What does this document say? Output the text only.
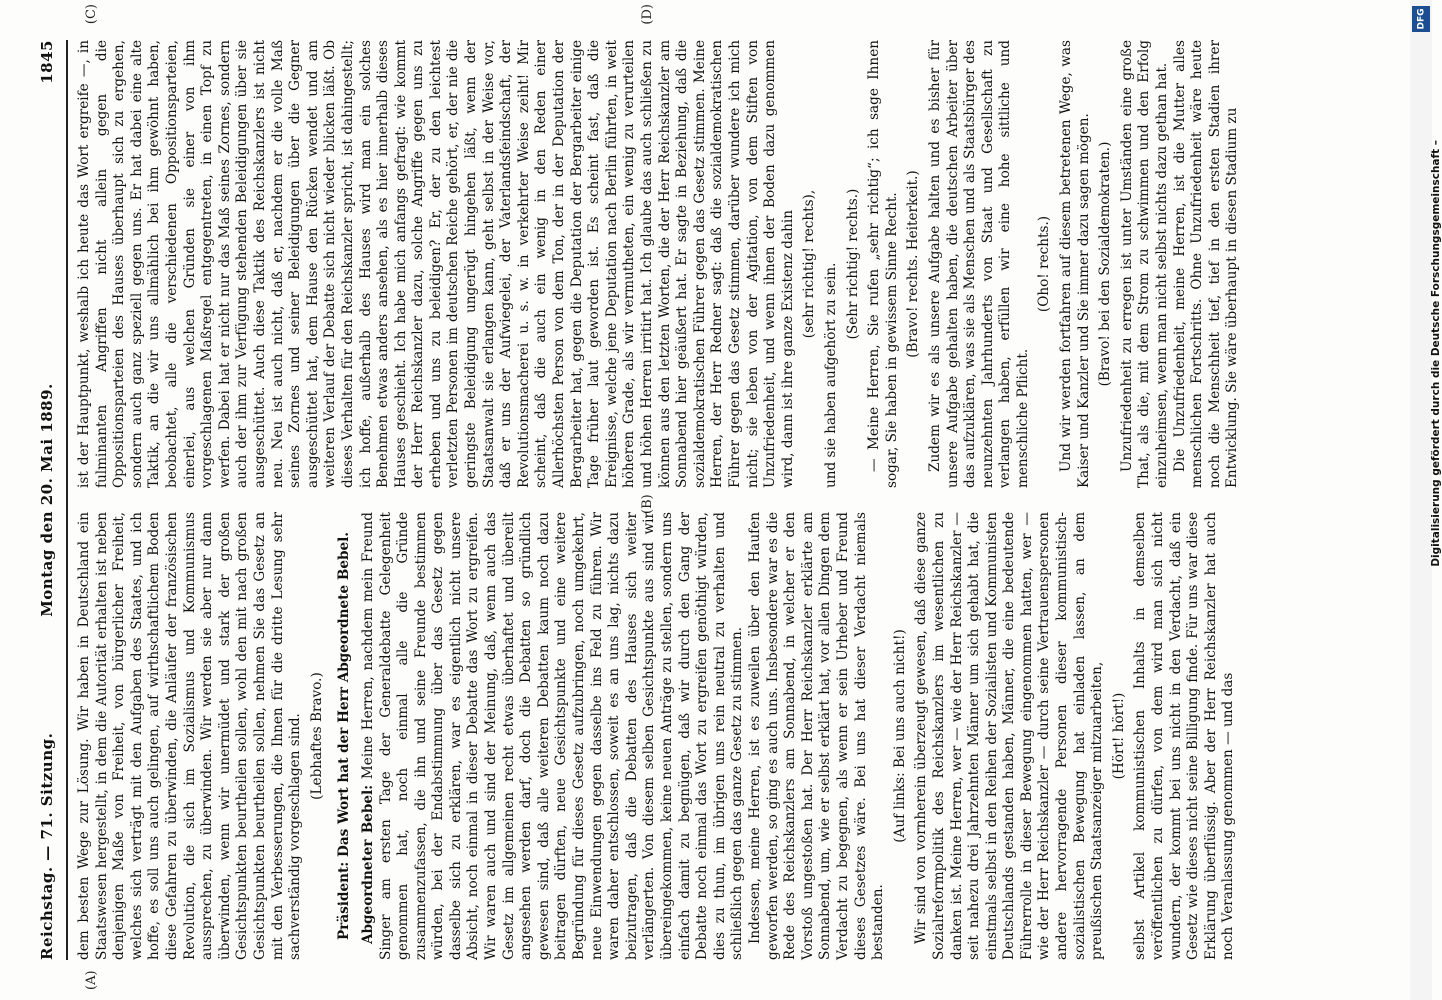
Reichstag. — 71. Sitzung.
Montag den 20. Mai 1889.
1845
(A)
(B)
(C)	(D)

dem besten Wege zur Lösung. Wir haben in Deutschland ein Staatswesen hergestellt, in dem die Autorität erhalten ist neben denjenigen Maße von Freiheit, von bürgerlicher Freiheit, welches sich verträgt mit den Aufgaben des Staates, und ich hoffe, es soll uns auch gelingen, auf wirthschaftlichem Boden diese Gefahren zu überwinden, die Anläufer der französischen Revolution, die sich im Sozialismus und Kommunismus aussprechen, zu überwinden. Wir werden sie aber nur dann überwinden, wenn wir unermüdet und stark der großen Gesichtspunkten beurtheilen sollen, wohl den mit nach großen Gesichtspunkten beurtheilen sollen, nehmen Sie das Gesetz an mit den Verbesserungen, die Ihnen für die dritte Lesung sehr sachverständig vorgeschlagen sind. (Lebhaftes Bravo.)

Präsident: Das Wort hat der Herr Abgeordnete Bebel.

Abgeordneter Bebel: Meine Herren, nachdem mein Freund Singer am ersten Tage der Generaldebatte Gelegenheit genommen hat, noch einmal alle die Gründe zusammenzufassen, die ihn und seine Freunde bestimmen würden, bei der Endabstimmung über das Gesetz gegen dasselbe sich zu erklären, war es eigentlich nicht unsere Absicht, noch einmal in dieser Debatte das Wort zu ergreifen. Wir waren auch und sind der Meinung, daß, wenn auch das Gesetz im allgemeinen recht etwas überhaftet und übereilt angesehen werden darf, doch die Debatten so gründlich gewesen sind, daß alle weiteren Debatten kaum noch dazu beitragen dürften, neue Gesichtspunkte und eine weitere Begründung für dieses Gesetz aufzubringen, noch umgekehrt, neue Einwendungen gegen dasselbe ins Feld zu führen. Wir waren daher entschlossen, soweit es an uns lag, nichts dazu beizutragen, daß die Debatten des Hauses sich weiter verlängerten. Von diesem selben Gesichtspunkte aus sind wir übereingekommen, keine neuen Anträge zu stellen, sondern uns einfach damit zu begnügen, daß wir durch den Gang der Debatte noch einmal das Wort zu ergreifen genöthigt würden, dies zu thun, im übrigen uns rein neutral zu verhalten und schließlich gegen das ganze Gesetz zu stimmen. Indessen, meine Herren, ist es zuweilen über den Haufen geworfen werden, so ging es auch uns. Insbesondere war es die Rede des Reichskanzlers am Sonnabend, in welcher er den Vorstoß ungestoßen hat. Der Herr Reichskanzler erklärte am Sonnabend, um, wie er selbst erklärt hat, vor allen Dingen dem Verdacht zu begegnen, als wenn er sein Urheber und Freund dieses Gesetzes wäre. Bei uns hat dieser Verdacht niemals bestanden.

(Auf links: Bei uns auch nicht!) Wir sind von vornherein überzeugt gewesen, daß diese ganze Sozialreformpolitik des Reichskanzlers im wesentlichen zu danken ist. Meine Herren, wer — wie der Herr Reichskanzler — seit nahezu drei Jahrzehnten Männer um sich gehabt hat, die einstmals selbst in den Reihen der Sozialisten und Kommunisten Deutschlands gestanden haben, Männer, die eine bedeutende Führerrolle in dieser Bewegung eingenommen hatten, wer — wie der Herr Reichskanzler — durch seine Vertrauenspersonen andere hervorragende Personen dieser kommunistisch-sozialistischen Bewegung hat einladen lassen, an dem preußischen Staatsanzeiger mitzuarbeiten, (Hört! hört!) selbst Artikel kommunistischen Inhalts in demselben veröffentlichen zu dürfen, von dem wird man sich nicht wundern, der kommt bei uns nicht in den Verdacht, daß ein Gesetz wie dieses nicht seine Billigung finde. Für uns war diese Erklärung überflüssig. Aber der Herr Reichskanzler hat auch noch Veranlassung genommen — und das

ist der Hauptpunkt, weshalb ich heute das Wort ergreife —, in fulminanten Angriffen nicht allein gegen die Oppositionsparteien des Hauses überhaupt sich zu ergehen, sondern auch ganz speziell gegen uns. Er hat dabei eine alte Taktik, an die wir uns allmählich bei ihm gewöhnt haben, beobachtet, alle die verschiedenen Oppositionsparteien, einerlei, aus welchen Gründen sie einer von ihm vorgeschlagenen Maßregel entgegentreten, in einen Topf zu werfen. Dabei hat er nicht nur das Maß seines Zornes, sondern auch der ihm zur Verfügung stehenden Beleidigungen über sie ausgeschüttet. Auch diese Taktik des Reichskanzlers ist nicht neu. Neu ist auch nicht, daß er, nachdem er die volle Maß seines Zornes und seiner Beleidigungen über die Gegner ausgeschüttet hat, dem Hause den Rücken wendet und am weiteren Verlauf der Debatte sich nicht wieder blicken läßt. Ob dieses Verhalten für den Reichskanzler spricht, ist dahingestellt; ich hoffe, außerhalb des Hauses wird man ein solches Benehmen etwas anders ansehen, als es hier innerhalb dieses Hauses geschieht. Ich habe mich anfangs gefragt: wie kommt der Herr Reichskanzler dazu, solche Angriffe gegen uns zu erheben und uns zu beleidigen? Er, der zu den leichtest verletzten Personen im deutschen Reiche gehört, er, der nie die geringste Beleidigung ungerügt hingehen läßt, wenn der Staatsanwalt sie erlangen kann, geht selbst in der Weise vor, daß er uns der Aufwiegelei, der Vaterlandsfeindschaft, der Revolutionsmacherei u. s. w. in verkehrter Weise zeiht! Mir scheint, daß die auch ein wenig in den Reden einer Allerhöchsten Person von dem Ton, der in der Deputation der Bergarbeiter hat, gegen die Deputation der Bergarbeiter einige Tage früher laut geworden ist. Es scheint fast, daß die Ereignisse, welche jene Deputation nach Berlin führten, in weit höheren Grade, als wir vermutheten, ein wenig zu verurteilen und höhen Herren irritirt hat. Ich glaube das auch schließen zu können aus den letzten Worten, die der Herr Reichskanzler am Sonnabend hier geäußert hat. Er sagte in Beziehung, daß die sozialdemokratischen Führer gegen das Gesetz stimmen. Meine Herren, der Herr Redner sagt: daß die sozialdemokratischen Führer gegen das Gesetz stimmen, darüber wundere ich mich nicht; sie leben von der Agitation, von dem Stiften von Unzufriedenheit, und wenn ihnen der Boden dazu genommen wird, dann ist ihre ganze Existenz dahin (sehr richtig! rechts), und sie haben aufgehört zu sein. (Sehr richtig! rechts.) — Meine Herren, Sie rufen „sehr richtig“; ich sage Ihnen sogar, Sie haben in gewissem Sinne Recht. (Bravo! rechts. Heiterkeit.) Zudem wir es als unsere Aufgabe halten und es bisher für unsere Aufgabe gehalten haben, die deutschen Arbeiter über das aufzuklären, was sie als Menschen und als Staatsbürger des neunzehnten Jahrhunderts von Staat und Gesellschaft zu verlangen haben, erfüllen wir eine hohe sittliche und menschliche Pflicht.

(Oho! rechts.) Und wir werden fortfahren auf diesem betretenen Wege, was Kaiser und Kanzler und Sie immer dazu sagen mögen. (Bravo! bei den Sozialdemokraten.) Unzufriedenheit zu erregen ist unter Umständen eine große That, als die, mit dem Strom zu schwimmen und den Erfolg einzuheimsen, wenn man nicht selbst nichts dazu gethan hat. Die Unzufriedenheit, meine Herren, ist die Mutter alles menschlichen Fortschritts. Ohne Unzufriedenheit wäre heute noch die Menschheit tief, tief in den ersten Stadien ihrer Entwicklung. Sie wäre überhaupt in diesen Stadium zu

DFG
Digitalisierung gefördert durch die Deutsche Forschungsgemeinschaft –
